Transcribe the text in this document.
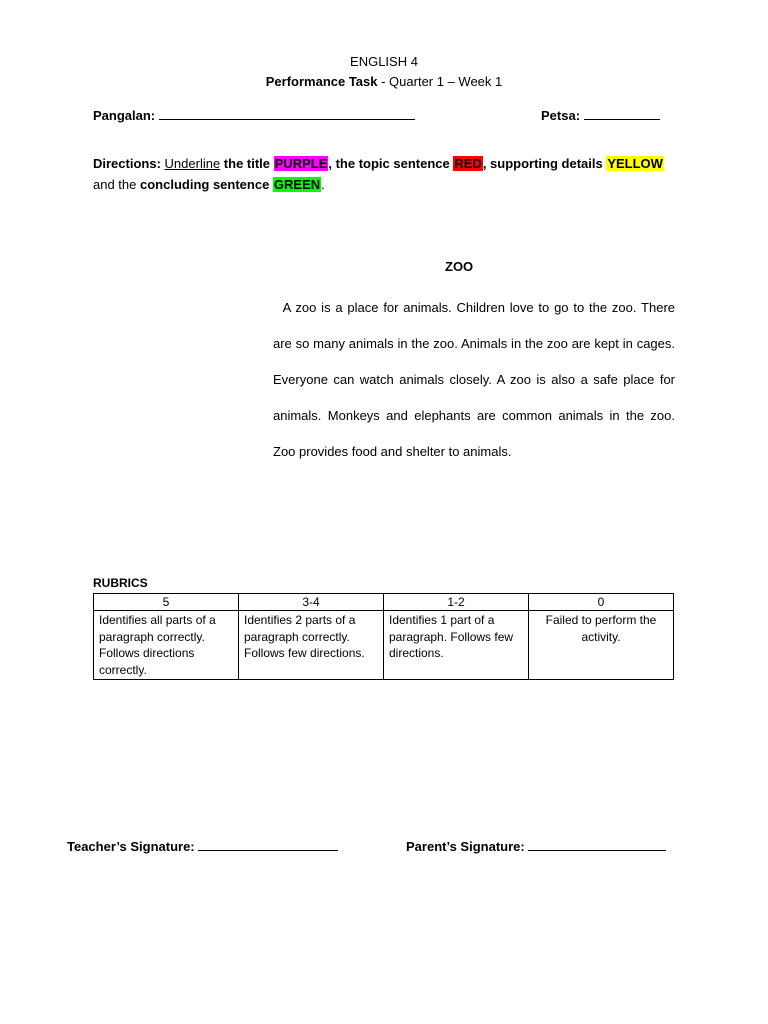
ENGLISH 4
Performance Task - Quarter 1 – Week 1
Pangalan:	Petsa:
Directions: Underline the title PURPLE, the topic sentence RED, supporting details YELLOW
and the concluding sentence GREEN.
ZOO
A zoo is a place for animals. Children love to go to the zoo. There are so many animals in the zoo. Animals in the zoo are kept in cages. Everyone can watch animals closely. A zoo is also a safe place for animals. Monkeys and elephants are common animals in the zoo. Zoo provides food and shelter to animals.
RUBRICS
5	3-4	1-2	0
Identifies all parts of a paragraph correctly. Follows directions correctly.	Identifies 2 parts of a paragraph correctly. Follows few directions.	Identifies 1 part of a paragraph. Follows few directions.	Failed to perform the activity.
Teacher’s Signature:	Parent’s Signature:
